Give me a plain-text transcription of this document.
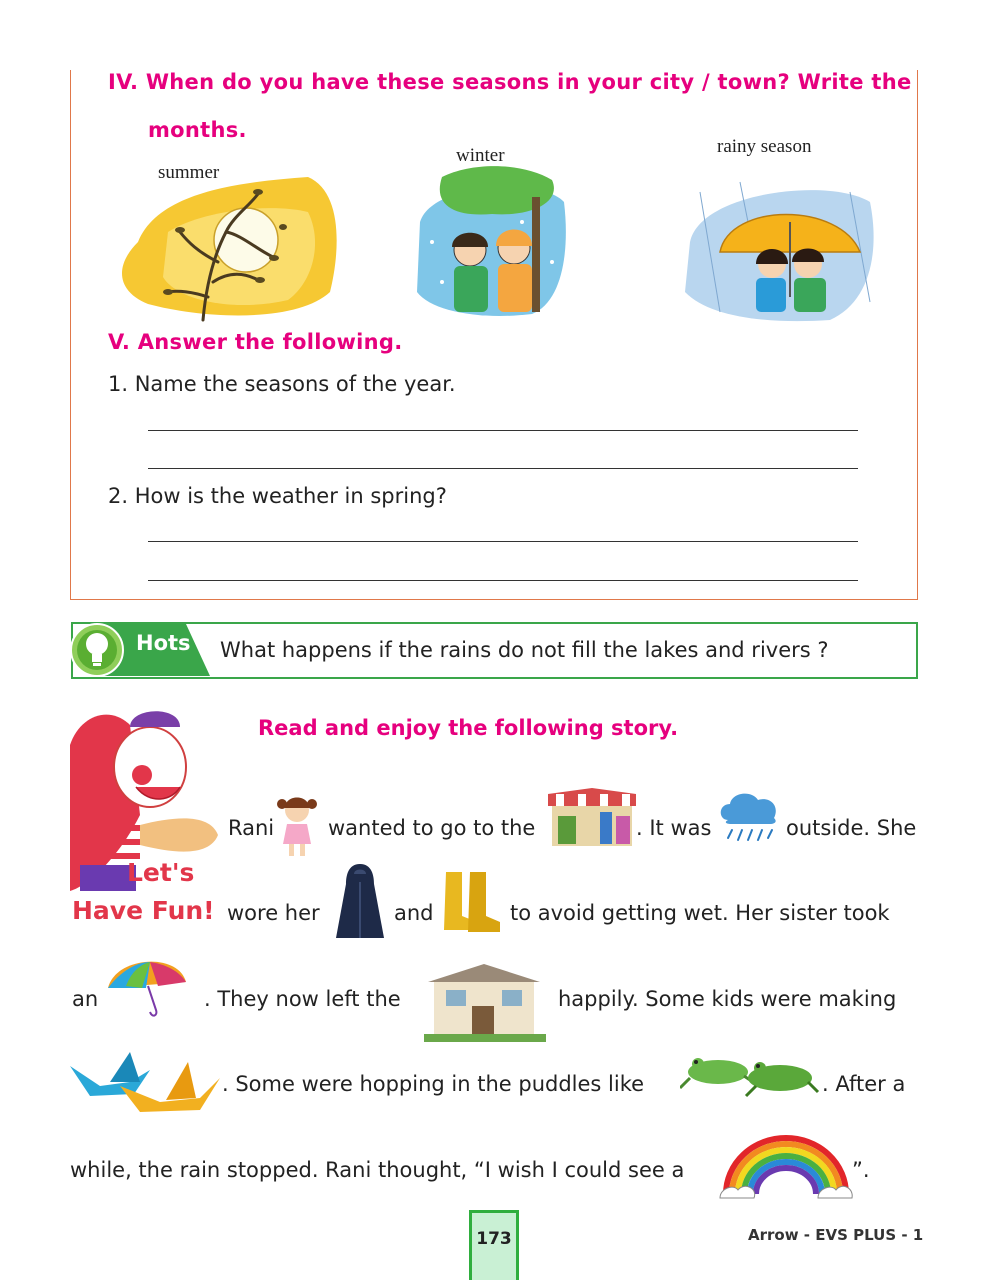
IV. When do you have these seasons in your city / town? Write the
months.
summer
winter	rainy season
V. Answer the following.
1. Name the seasons of the year.
2. How is the weather in spring?
Hots What happens if the rains do not fill the lakes and rivers ?
Read and enjoy the following story.
Let's
Have Fun!
Rani	wanted to go to the	. It was	outside. She
wore her	and	to avoid getting wet. Her sister took
an	. They now left the	happily. Some kids were making
. Some were hopping in the puddles like	. After a
while, the rain stopped. Rani thought, “I wish I could see a	”.
173	Arrow - EVS PLUS - 1
